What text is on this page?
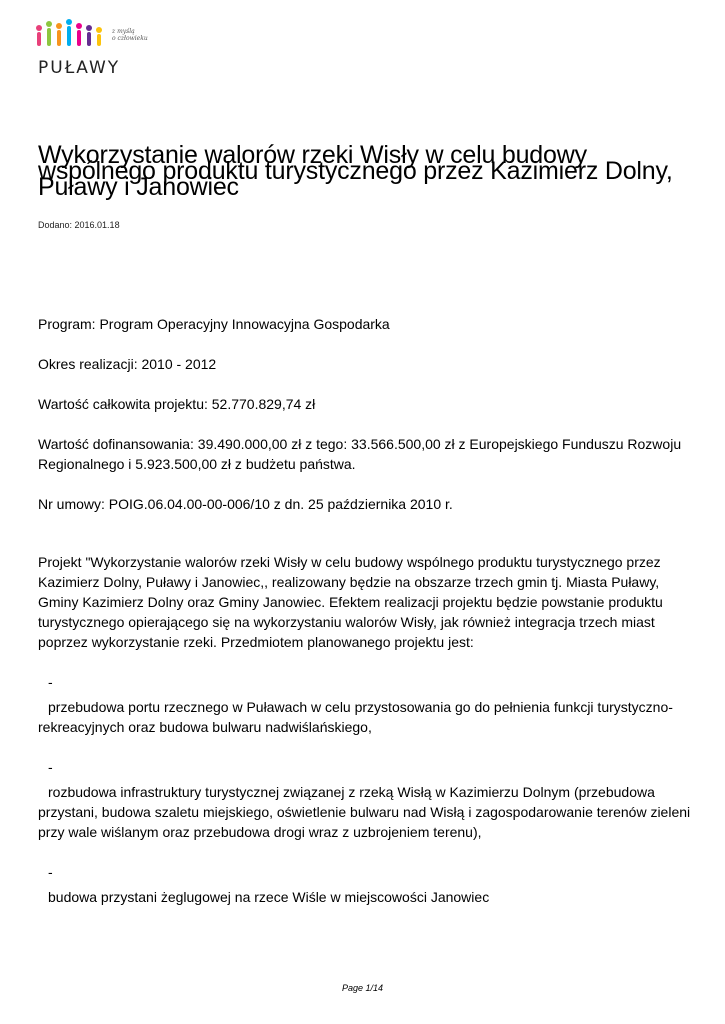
z myślą
o człowieku
PUŁAWY
Wykorzystanie walorów rzeki Wisły w celu budowy wspólnego produktu turystycznego przez Kazimierz Dolny, Puławy i Janowiec
Dodano: 2016.01.18

Program: Program Operacyjny Innowacyjna Gospodarka

Okres realizacji: 2010 - 2012

Wartość całkowita projektu: 52.770.829,74 zł

Wartość dofinansowania: 39.490.000,00 zł z tego: 33.566.500,00 zł z Europejskiego Funduszu Rozwoju Regionalnego i 5.923.500,00 zł z budżetu państwa.

Nr umowy: POIG.06.04.00-00-006/10 z dn. 25 października 2010 r.

Projekt "Wykorzystanie walorów rzeki Wisły w celu budowy wspólnego produktu turystycznego przez Kazimierz Dolny, Puławy i Janowiec,, realizowany będzie na obszarze trzech gmin tj. Miasta Puławy, Gminy Kazimierz Dolny oraz Gminy Janowiec. Efektem realizacji projektu będzie powstanie produktu turystycznego opierającego się na wykorzystaniu walorów Wisły, jak również integracja trzech miast poprzez wykorzystanie rzeki. Przedmiotem planowanego projektu jest:

-
przebudowa portu rzecznego w Puławach w celu przystosowania go do pełnienia funkcji turystyczno-rekreacyjnych oraz budowa bulwaru nadwiślańskiego,
-
rozbudowa infrastruktury turystycznej związanej z rzeką Wisłą w Kazimierzu Dolnym (przebudowa przystani, budowa szaletu miejskiego, oświetlenie bulwaru nad Wisłą i zagospodarowanie terenów zieleni przy wale wiślanym oraz przebudowa drogi wraz z uzbrojeniem terenu),
-
budowa przystani żeglugowej na rzece Wiśle w miejscowości Janowiec
Page 1/14
